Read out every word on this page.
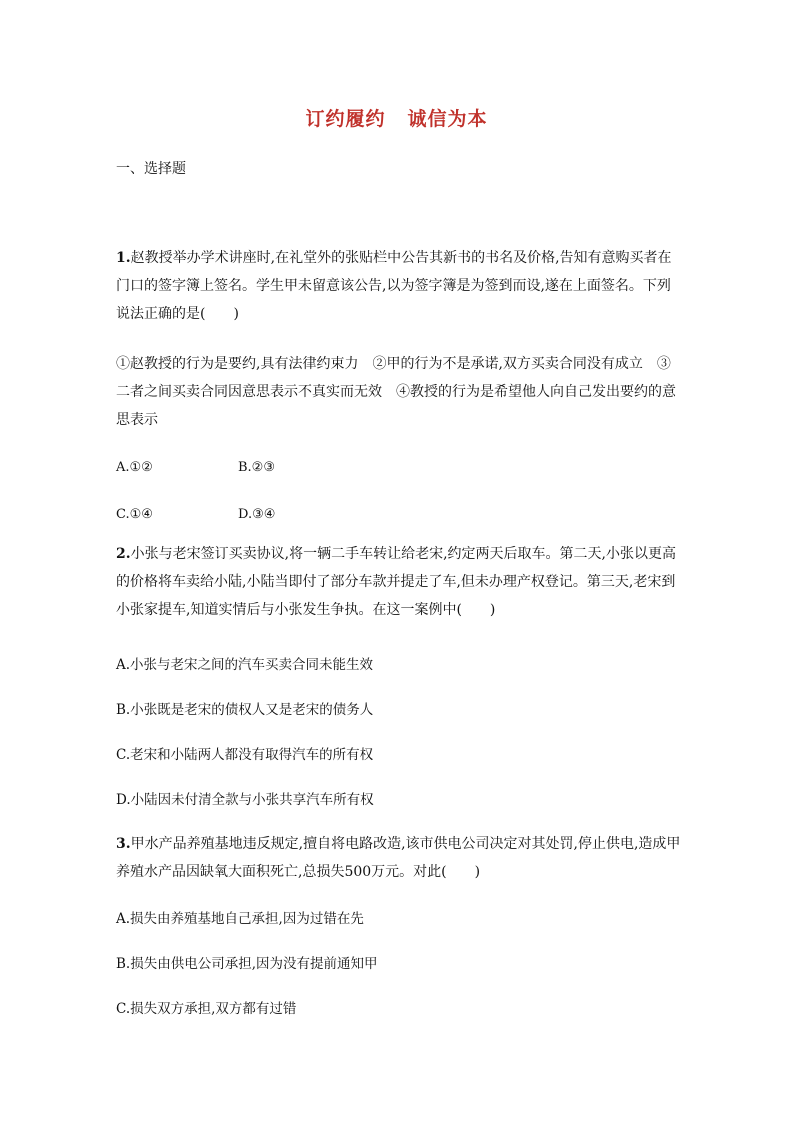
订约履约 诚信为本
一、选择题

1.赵教授举办学术讲座时,在礼堂外的张贴栏中公告其新书的书名及价格,告知有意购买者在门口的签字簿上签名。学生甲未留意该公告,以为签字簿是为签到而设,遂在上面签名。下列说法正确的是(　　)

①赵教授的行为是要约,具有法律约束力　②甲的行为不是承诺,双方买卖合同没有成立　③二者之间买卖合同因意思表示不真实而无效　④教授的行为是希望他人向自己发出要约的意思表示

A.①②	B.②③
C.①④	D.③④

2.小张与老宋签订买卖协议,将一辆二手车转让给老宋,约定两天后取车。第二天,小张以更高的价格将车卖给小陆,小陆当即付了部分车款并提走了车,但未办理产权登记。第三天,老宋到小张家提车,知道实情后与小张发生争执。在这一案例中(　　)

A.小张与老宋之间的汽车买卖合同未能生效
B.小张既是老宋的债权人又是老宋的债务人
C.老宋和小陆两人都没有取得汽车的所有权
D.小陆因未付清全款与小张共享汽车所有权

3.甲水产品养殖基地违反规定,擅自将电路改造,该市供电公司决定对其处罚,停止供电,造成甲养殖水产品因缺氧大面积死亡,总损失500万元。对此(　　)

A.损失由养殖基地自己承担,因为过错在先
B.损失由供电公司承担,因为没有提前通知甲
C.损失双方承担,双方都有过错
